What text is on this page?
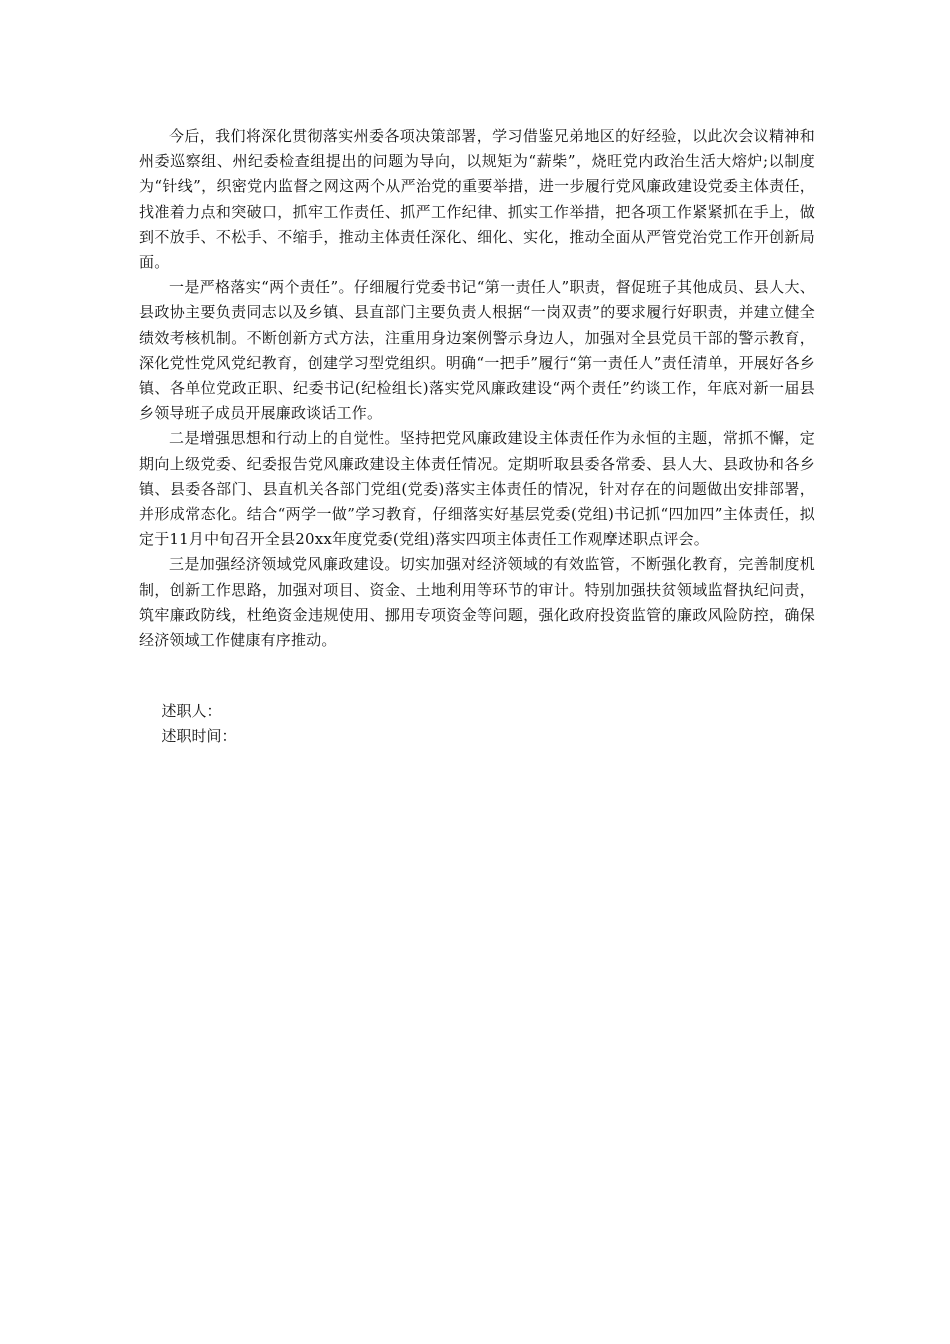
今后，我们将深化贯彻落实州委各项决策部署，学习借鉴兄弟地区的好经验，以此次会议精神和州委巡察组、州纪委检查组提出的问题为导向，以规矩为“薪柴”，烧旺党内政治生活大熔炉;以制度为“针线”，织密党内监督之网这两个从严治党的重要举措，进一步履行党风廉政建设党委主体责任，找准着力点和突破口，抓牢工作责任、抓严工作纪律、抓实工作举措，把各项工作紧紧抓在手上，做到不放手、不松手、不缩手，推动主体责任深化、细化、实化，推动全面从严管党治党工作开创新局面。

一是严格落实“两个责任”。仔细履行党委书记“第一责任人”职责，督促班子其他成员、县人大、县政协主要负责同志以及乡镇、县直部门主要负责人根据“一岗双责”的要求履行好职责，并建立健全绩效考核机制。不断创新方式方法，注重用身边案例警示身边人，加强对全县党员干部的警示教育，深化党性党风党纪教育，创建学习型党组织。明确“一把手”履行“第一责任人”责任清单，开展好各乡镇、各单位党政正职、纪委书记(纪检组长)落实党风廉政建设“两个责任”约谈工作，年底对新一届县乡领导班子成员开展廉政谈话工作。

二是增强思想和行动上的自觉性。坚持把党风廉政建设主体责任作为永恒的主题，常抓不懈，定期向上级党委、纪委报告党风廉政建设主体责任情况。定期听取县委各常委、县人大、县政协和各乡镇、县委各部门、县直机关各部门党组(党委)落实主体责任的情况，针对存在的问题做出安排部署，并形成常态化。结合“两学一做”学习教育，仔细落实好基层党委(党组)书记抓“四加四”主体责任，拟定于11月中旬召开全县20xx年度党委(党组)落实四项主体责任工作观摩述职点评会。

三是加强经济领域党风廉政建设。切实加强对经济领域的有效监管，不断强化教育，完善制度机制，创新工作思路，加强对项目、资金、土地利用等环节的审计。特别加强扶贫领域监督执纪问责，筑牢廉政防线，杜绝资金违规使用、挪用专项资金等问题，强化政府投资监管的廉政风险防控，确保经济领域工作健康有序推动。

述职人：

述职时间：
